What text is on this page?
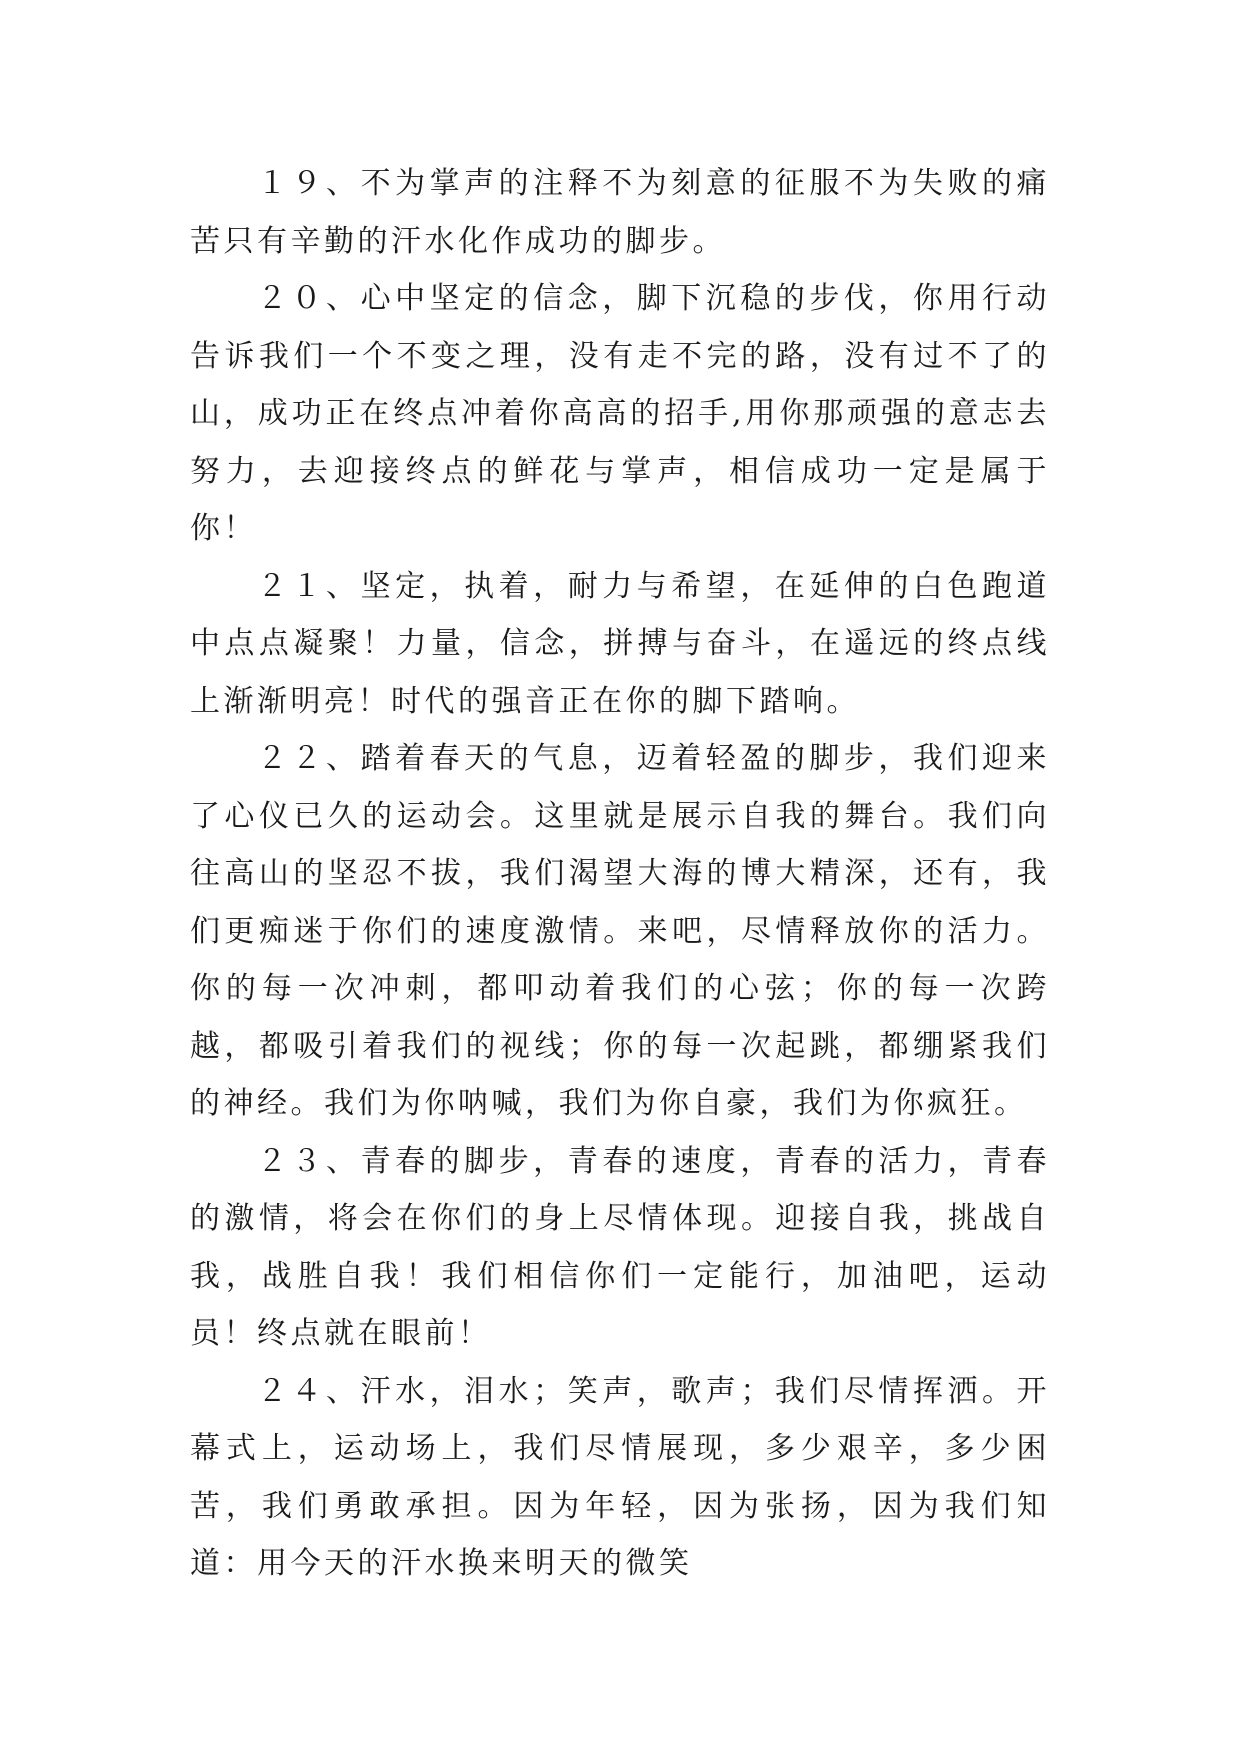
１９、不为掌声的注释不为刻意的征服不为失败的痛苦只有辛勤的汗水化作成功的脚步。

２０、心中坚定的信念，脚下沉稳的步伐，你用行动告诉我们一个不变之理，没有走不完的路，没有过不了的山，成功正在终点冲着你高高的招手,用你那顽强的意志去努力，去迎接终点的鲜花与掌声，相信成功一定是属于你！

２１、坚定，执着，耐力与希望，在延伸的白色跑道中点点凝聚！力量，信念，拼搏与奋斗，在遥远的终点线上渐渐明亮！时代的强音正在你的脚下踏响。

２２、踏着春天的气息，迈着轻盈的脚步，我们迎来了心仪已久的运动会。这里就是展示自我的舞台。我们向往高山的坚忍不拔，我们渴望大海的博大精深，还有，我们更痴迷于你们的速度激情。来吧，尽情释放你的活力。你的每一次冲刺，都叩动着我们的心弦；你的每一次跨越，都吸引着我们的视线；你的每一次起跳，都绷紧我们的神经。我们为你呐喊，我们为你自豪，我们为你疯狂。

２３、青春的脚步，青春的速度，青春的活力，青春的激情，将会在你们的身上尽情体现。迎接自我，挑战自我，战胜自我！我们相信你们一定能行，加油吧，运动员！终点就在眼前！

２４、汗水，泪水；笑声，歌声；我们尽情挥洒。开幕式上，运动场上，我们尽情展现，多少艰辛，多少困苦，我们勇敢承担。因为年轻，因为张扬，因为我们知道：用今天的汗水换来明天的微笑
